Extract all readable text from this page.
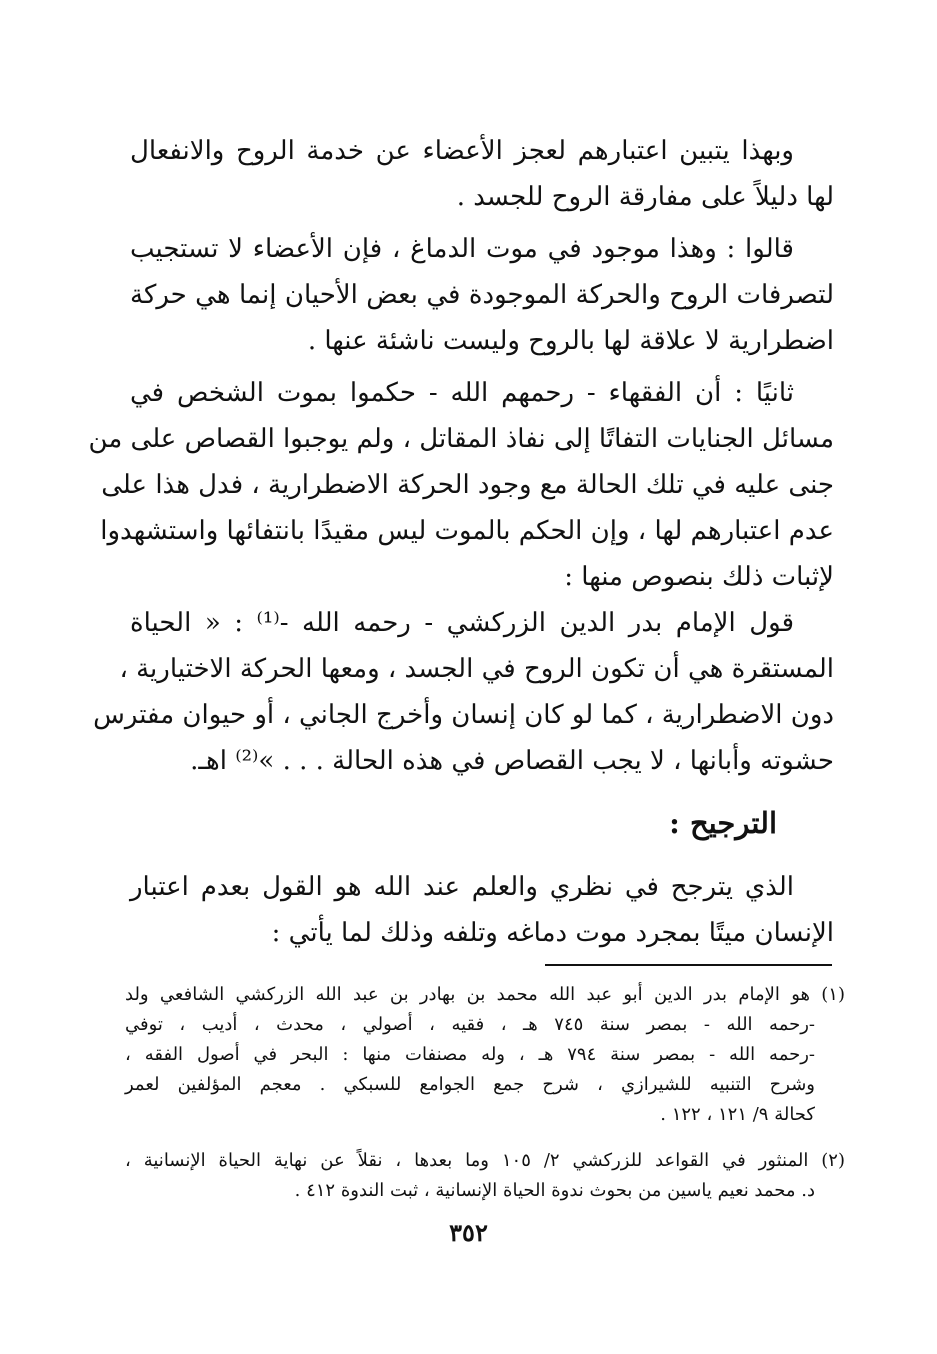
وبهذا يتبين اعتبارهم لعجز الأعضاء عن خدمة الروح والانفعال
لها دليلاً على مفارقة الروح للجسد .
قالوا : وهذا موجود في موت الدماغ ، فإن الأعضاء لا تستجيب
لتصرفات الروح والحركة الموجودة في بعض الأحيان إنما هي حركة
اضطرارية لا علاقة لها بالروح وليست ناشئة عنها .
ثانيًا : أن الفقهاء - رحمهم الله - حكموا بموت الشخص في
مسائل الجنايات التفاتًا إلى نفاذ المقاتل ، ولم يوجبوا القصاص على من
جنى عليه في تلك الحالة مع وجود الحركة الاضطرارية ، فدل هذا على
عدم اعتبارهم لها ، وإن الحكم بالموت ليس مقيدًا بانتفائها واستشهدوا
لإثبات ذلك بنصوص منها :
قول الإمام بدر الدين الزركشي - رحمه الله -⁽¹⁾ : « الحياة
المستقرة هي أن تكون الروح في الجسد ، ومعها الحركة الاختيارية ،
دون الاضطرارية ، كما لو كان إنسان وأخرج الجاني ، أو حيوان مفترس
حشوته وأبانها ، لا يجب القصاص في هذه الحالة . . . »⁽²⁾ اهـ.
الترجيح :
الذي يترجح في نظري والعلم عند الله هو القول بعدم اعتبار
الإنسان ميتًا بمجرد موت دماغه وتلفه وذلك لما يأتي :
(١) هو الإمام بدر الدين أبو عبد الله محمد بن بهادر بن عبد الله الزركشي الشافعي ولد
-رحمه الله - بمصر سنة ٧٤٥ هـ ، فقيه ، أصولي ، محدث ، أديب ، توفي
-رحمه الله - بمصر سنة ٧٩٤ هـ ، وله مصنفات منها : البحر في أصول الفقه ،
وشرح التنبيه للشيرازي ، شرح جمع الجوامع للسبكي . معجم المؤلفين لعمر
كحالة ٩/ ١٢١ ، ١٢٢ .
(٢) المنثور في القواعد للزركشي ٢/ ١٠٥ وما بعدها ، نقلاً عن نهاية الحياة الإنسانية ،
د. محمد نعيم ياسين من بحوث ندوة الحياة الإنسانية ، ثبت الندوة ٤١٢ .
٣٥٢
